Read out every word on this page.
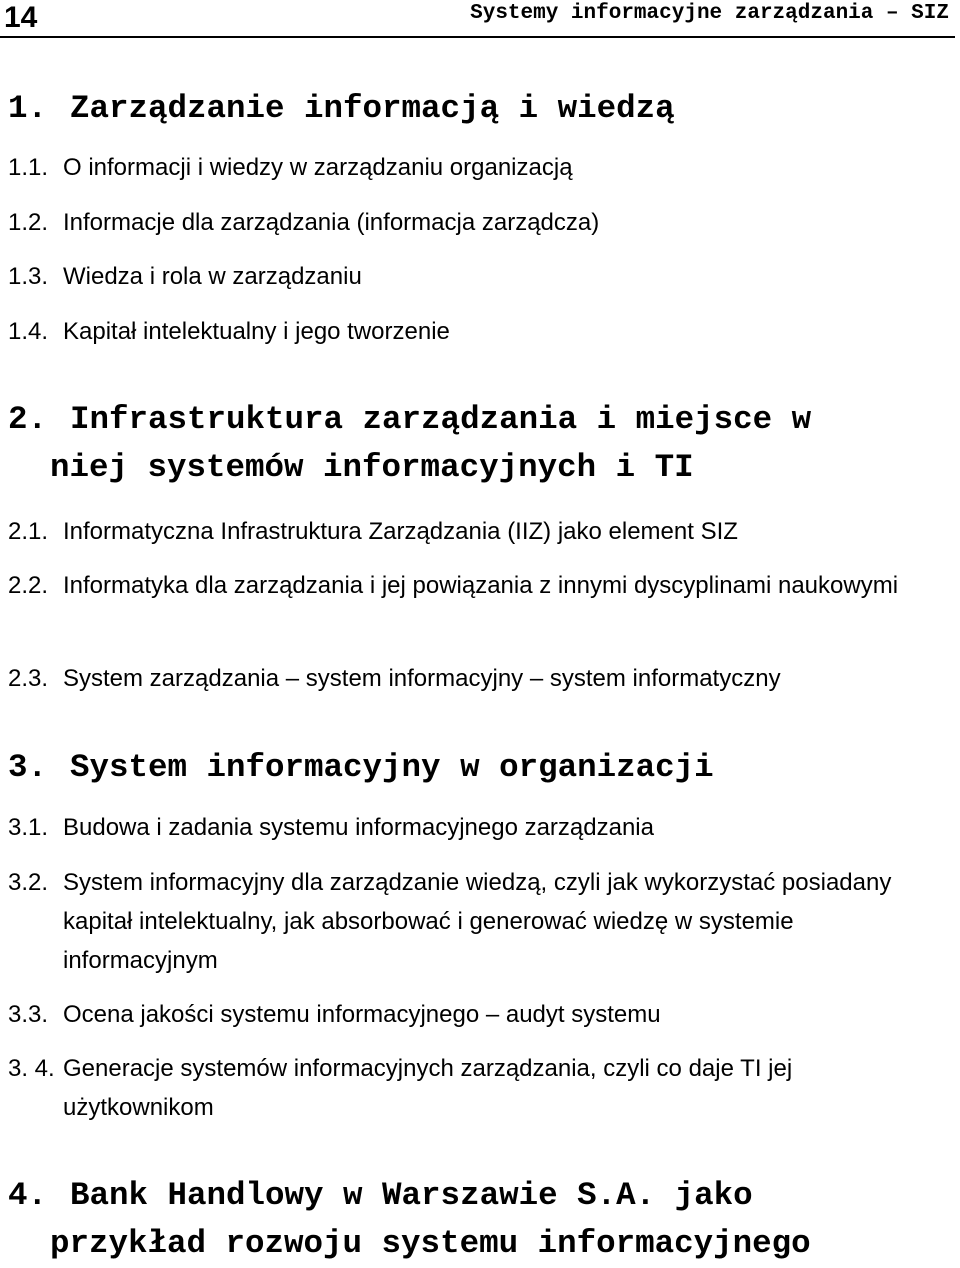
14	Systemy informacyjne zarządzania – SIZ
1. Zarządzanie informacją i wiedzą
1.1. O informacji i wiedzy w zarządzaniu organizacją
1.2. Informacje dla zarządzania (informacja zarządcza)
1.3. Wiedza i rola w zarządzaniu
1.4. Kapitał intelektualny i jego tworzenie
2. Infrastruktura zarządzania i miejsce w
niej systemów informacyjnych i TI
2.1. Informatyczna Infrastruktura Zarządzania (IIZ) jako element SIZ
2.2. Informatyka dla zarządzania i jej powiązania z innymi dyscyplinami naukowymi
2.3. System zarządzania – system informacyjny – system informatyczny
3. System informacyjny w organizacji
3.1. Budowa i zadania systemu informacyjnego zarządzania
3.2. System informacyjny dla zarządzanie wiedzą, czyli jak wykorzystać posiadany kapitał intelektualny, jak absorbować i generować wiedzę w systemie informacyjnym
3.3. Ocena jakości systemu informacyjnego – audyt systemu
3. 4. Generacje systemów informacyjnych zarządzania, czyli co daje TI jej użytkownikom
4. Bank Handlowy w Warszawie S.A. jako
przykład rozwoju systemu informacyjnego
